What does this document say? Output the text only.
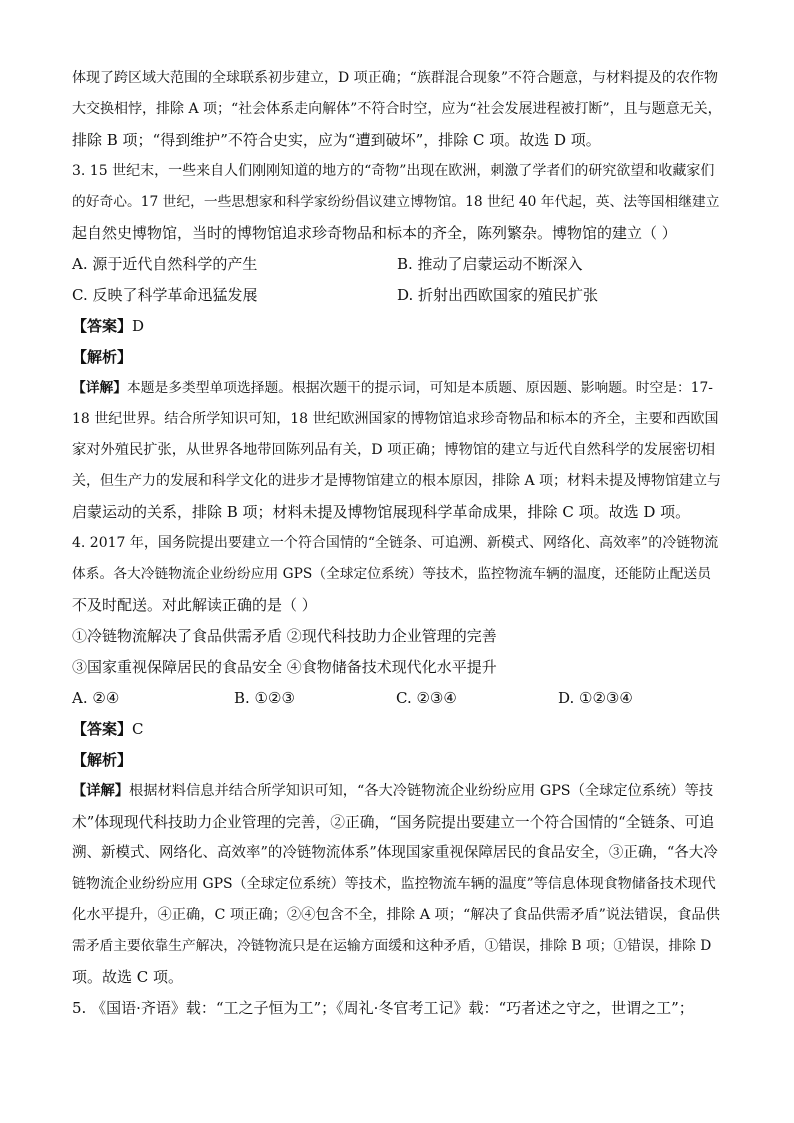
体现了跨区域大范围的全球联系初步建立，D 项正确；“族群混合现象”不符合题意，与材料提及的农作物
大交换相悖，排除 A 项；“社会体系走向解体”不符合时空，应为“社会发展进程被打断”，且与题意无关，
排除 B 项；“得到维护”不符合史实，应为“遭到破坏”，排除 C 项。故选 D 项。
3. 15 世纪末，一些来自人们刚刚知道的地方的“奇物”出现在欧洲，刺激了学者们的研究欲望和收藏家们
的好奇心。17 世纪，一些思想家和科学家纷纷倡议建立博物馆。18 世纪 40 年代起，英、法等国相继建立
起自然史博物馆，当时的博物馆追求珍奇物品和标本的齐全，陈列繁杂。博物馆的建立（ ）
A. 源于近代自然科学的产生	B. 推动了启蒙运动不断深入
C. 反映了科学革命迅猛发展	D. 折射出西欧国家的殖民扩张
【答案】D
【解析】
【详解】本题是多类型单项选择题。根据次题干的提示词，可知是本质题、原因题、影响题。时空是：17-
18 世纪世界。结合所学知识可知，18 世纪欧洲国家的博物馆追求珍奇物品和标本的齐全，主要和西欧国
家对外殖民扩张，从世界各地带回陈列品有关，D 项正确；博物馆的建立与近代自然科学的发展密切相
关，但生产力的发展和科学文化的进步才是博物馆建立的根本原因，排除 A 项；材料未提及博物馆建立与
启蒙运动的关系，排除 B 项；材料未提及博物馆展现科学革命成果，排除 C 项。故选 D 项。
4. 2017 年，国务院提出要建立一个符合国情的“全链条、可追溯、新模式、网络化、高效率”的冷链物流
体系。各大冷链物流企业纷纷应用 GPS（全球定位系统）等技术，监控物流车辆的温度，还能防止配送员
不及时配送。对此解读正确的是（ ）
①冷链物流解决了食品供需矛盾 ②现代科技助力企业管理的完善
③国家重视保障居民的食品安全 ④食物储备技术现代化水平提升
A. ②④	B. ①②③	C. ②③④	D. ①②③④
【答案】C
【解析】
【详解】根据材料信息并结合所学知识可知，“各大冷链物流企业纷纷应用 GPS（全球定位系统）等技
术”体现现代科技助力企业管理的完善，②正确，“国务院提出要建立一个符合国情的“全链条、可追
溯、新模式、网络化、高效率”的冷链物流体系”体现国家重视保障居民的食品安全，③正确，“各大冷
链物流企业纷纷应用 GPS（全球定位系统）等技术，监控物流车辆的温度”等信息体现食物储备技术现代
化水平提升，④正确，C 项正确；②④包含不全，排除 A 项；“解决了食品供需矛盾”说法错误，食品供
需矛盾主要依靠生产解决，冷链物流只是在运输方面缓和这种矛盾，①错误，排除 B 项；①错误，排除 D
项。故选 C 项。
5. 《国语·齐语》载：“工之子恒为工”；《周礼·冬官考工记》载：“巧者述之守之，世谓之工”；
